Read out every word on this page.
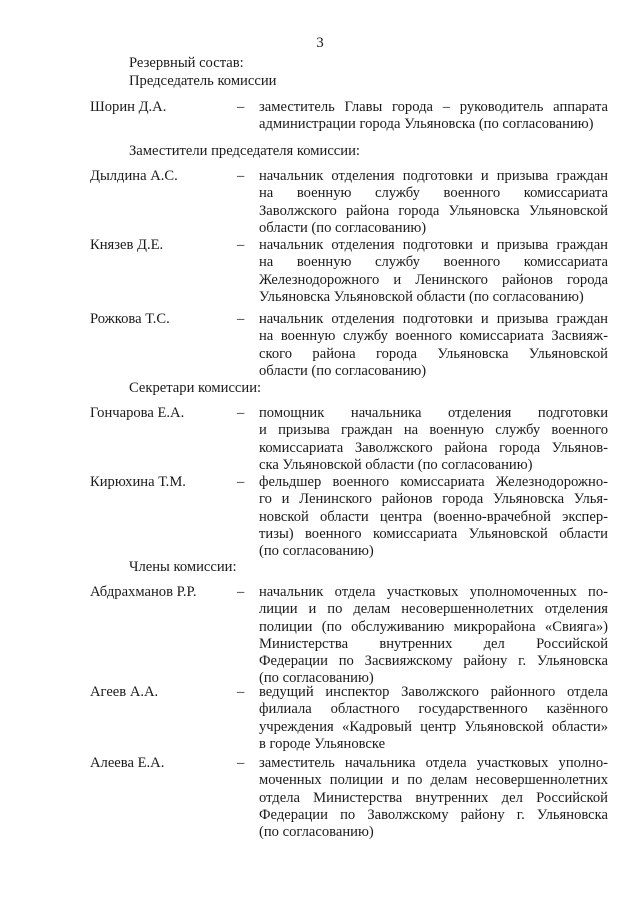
3
Резервный состав:
Председатель комиссии
Шорин Д.А.	– заместитель Главы города – руководитель аппарата
администрации города Ульяновска (по согласованию)
Заместители председателя комиссии:
Дылдина А.С.	– начальник отделения подготовки и призыва граждан
на военную службу военного комиссариата
Заволжского района города Ульяновска Ульяновской
области (по согласованию)
Князев Д.Е.	– начальник отделения подготовки и призыва граждан
на военную службу военного комиссариата
Железнодорожного и Ленинского районов города
Ульяновска Ульяновской области (по согласованию)
Рожкова Т.С.	– начальник отделения подготовки и призыва граждан
на военную службу военного комиссариата Засвияж-
ского района города Ульяновска Ульяновской
области (по согласованию)
Секретари комиссии:
Гончарова Е.А.	– помощник начальника отделения подготовки
и призыва граждан на военную службу военного
комиссариата Заволжского района города Ульянов-
ска Ульяновской области (по согласованию)
Кирюхина Т.М.	– фельдшер военного комиссариата Железнодорожно-
го и Ленинского районов города Ульяновска Улья-
новской области центра (военно-врачебной экспер-
тизы) военного комиссариата Ульяновской области
(по согласованию)
Члены комиссии:
Абдрахманов Р.Р.	– начальник отдела участковых уполномоченных по-
лиции и по делам несовершеннолетних отделения
полиции (по обслуживанию микрорайона «Свияга»)
Министерства внутренних дел Российской
Федерации по Засвияжскому району г. Ульяновска
(по согласованию)
Агеев А.А.	– ведущий инспектор Заволжского районного отдела
филиала областного государственного казённого
учреждения «Кадровый центр Ульяновской области»
в городе Ульяновске
Алеева Е.А.	– заместитель начальника отдела участковых уполно-
моченных полиции и по делам несовершеннолетних
отдела Министерства внутренних дел Российской
Федерации по Заволжскому району г. Ульяновска
(по согласованию)
